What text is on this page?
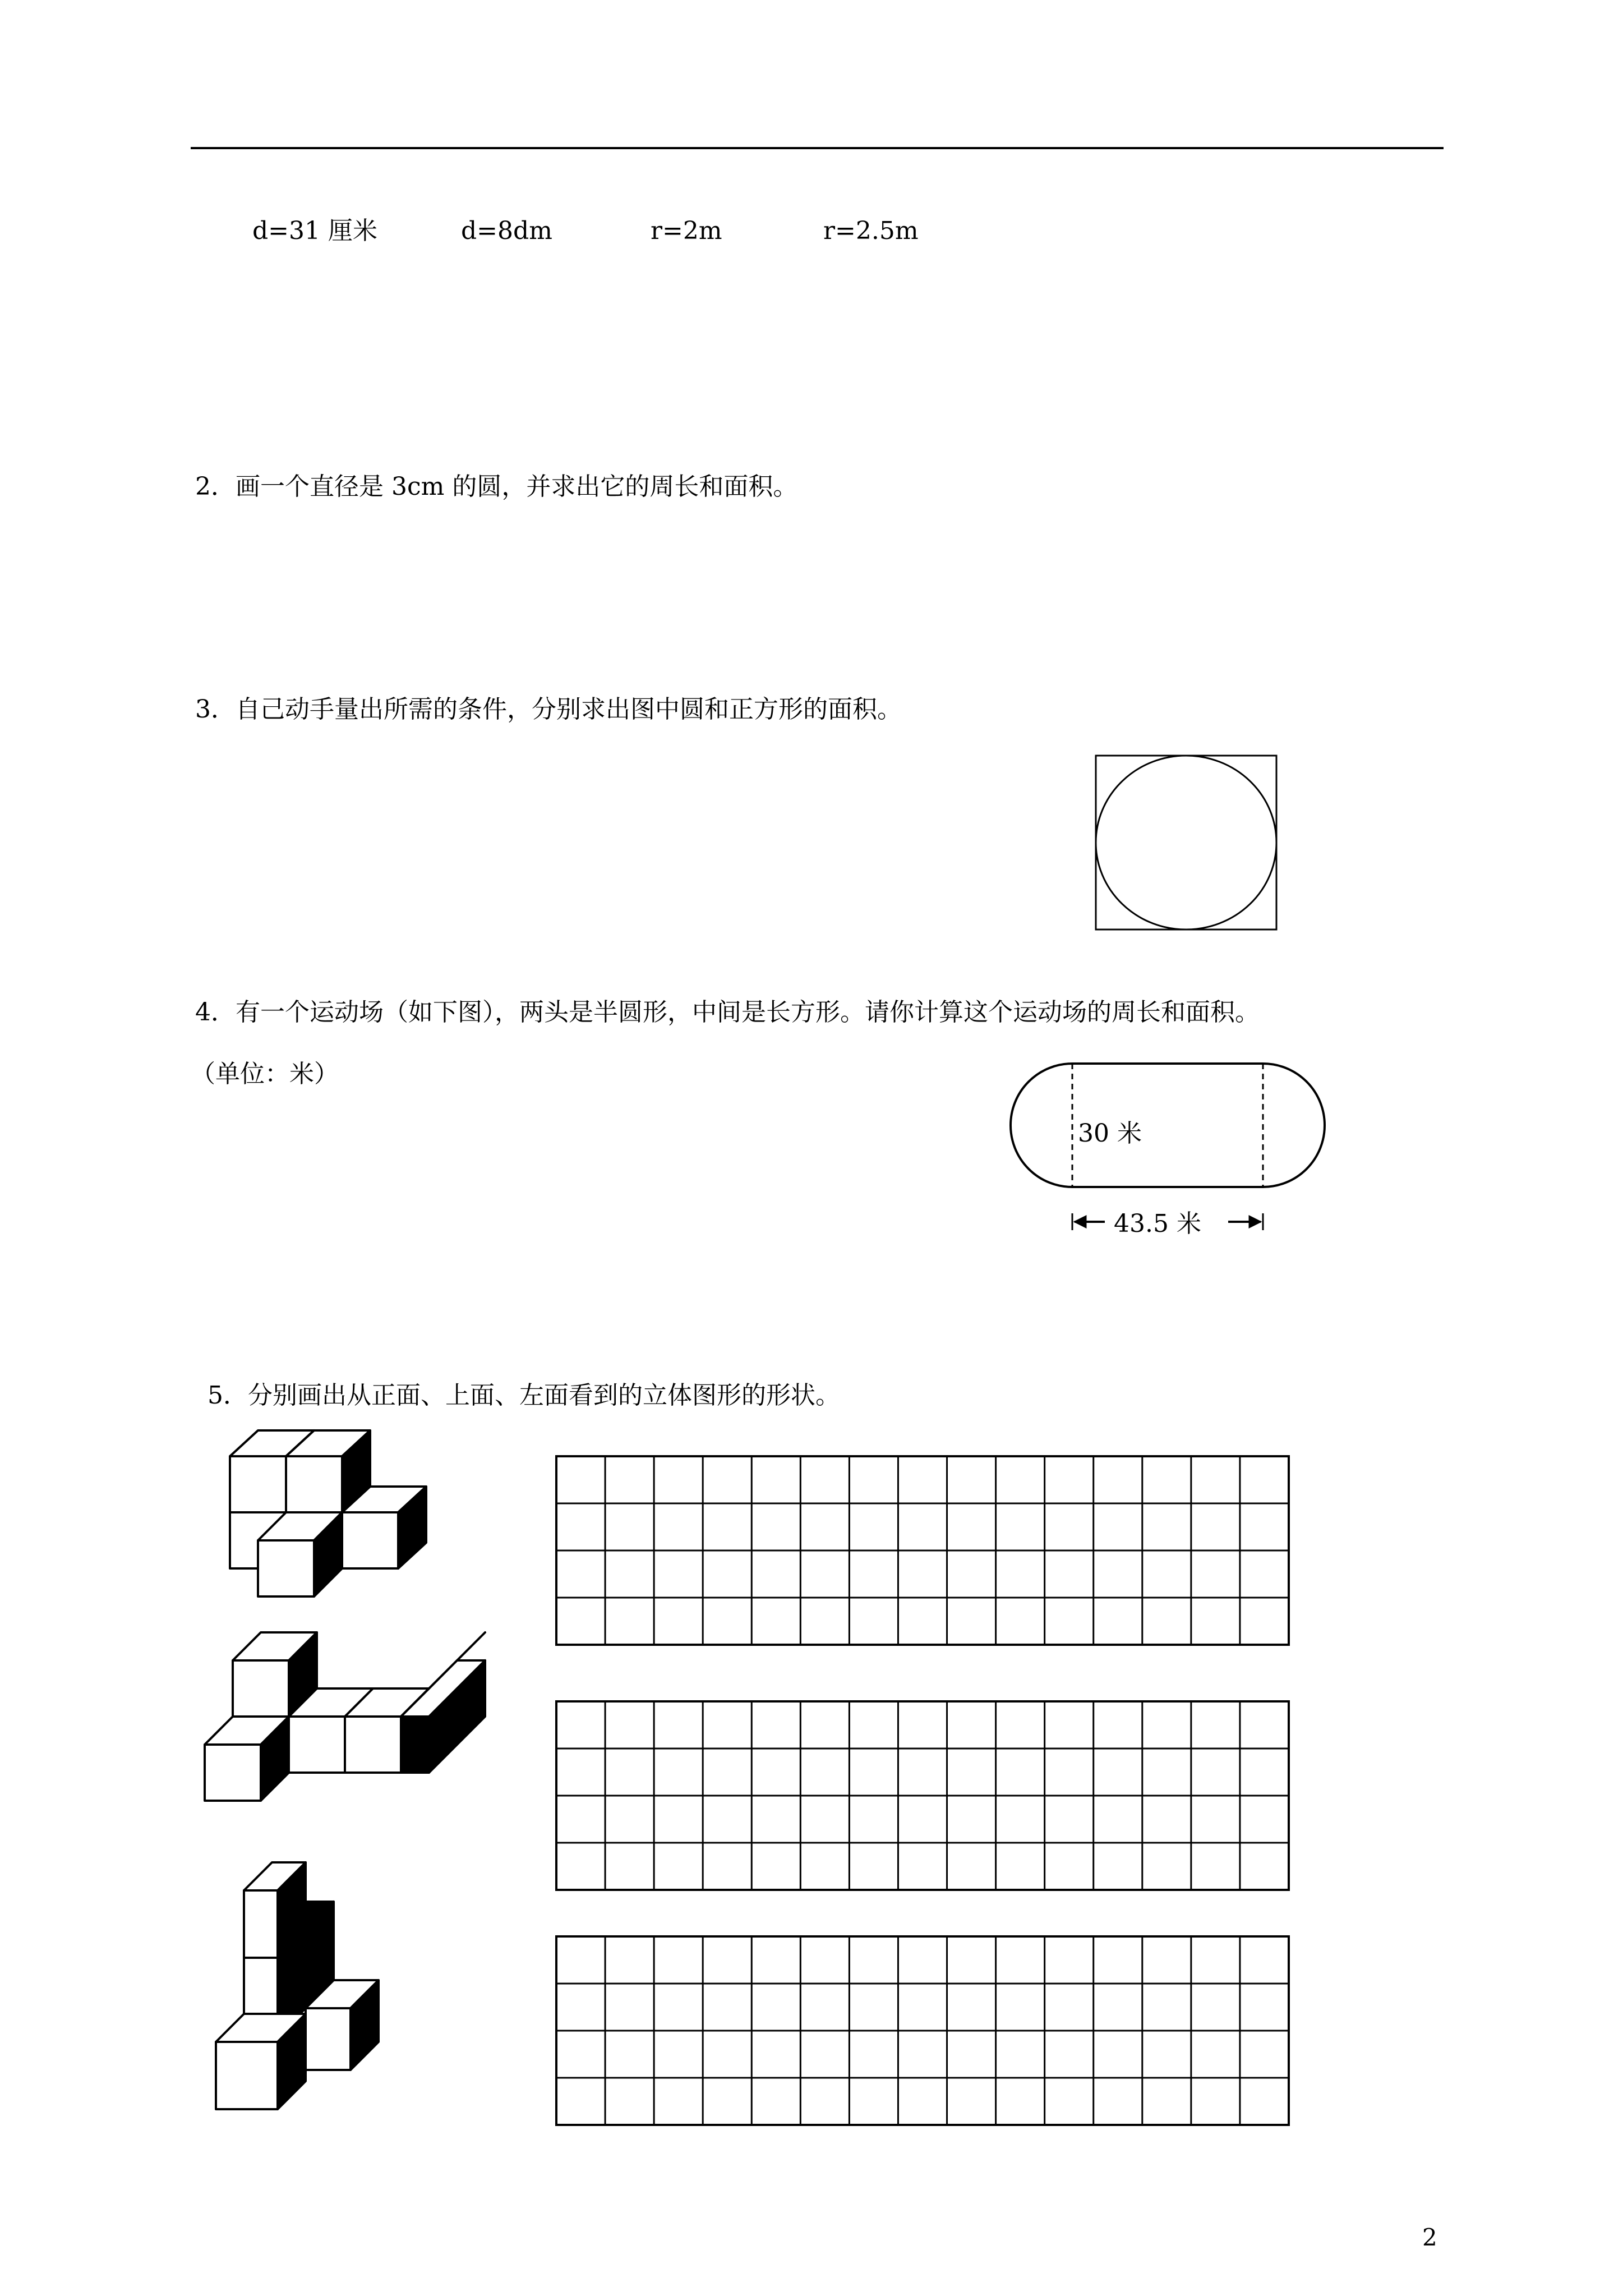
d=31 厘米	d=8dm	r=2m	r=2.5m
2．画一个直径是 3cm 的圆，并求出它的周长和面积。
3．自己动手量出所需的条件，分别求出图中圆和正方形的面积。
4．有一个运动场（如下图），两头是半圆形，中间是长方形。请你计算这个运动场的周长和面积。
（单位：米）
30 米
43.5 米
5．分别画出从正面、上面、左面看到的立体图形的形状。
2
